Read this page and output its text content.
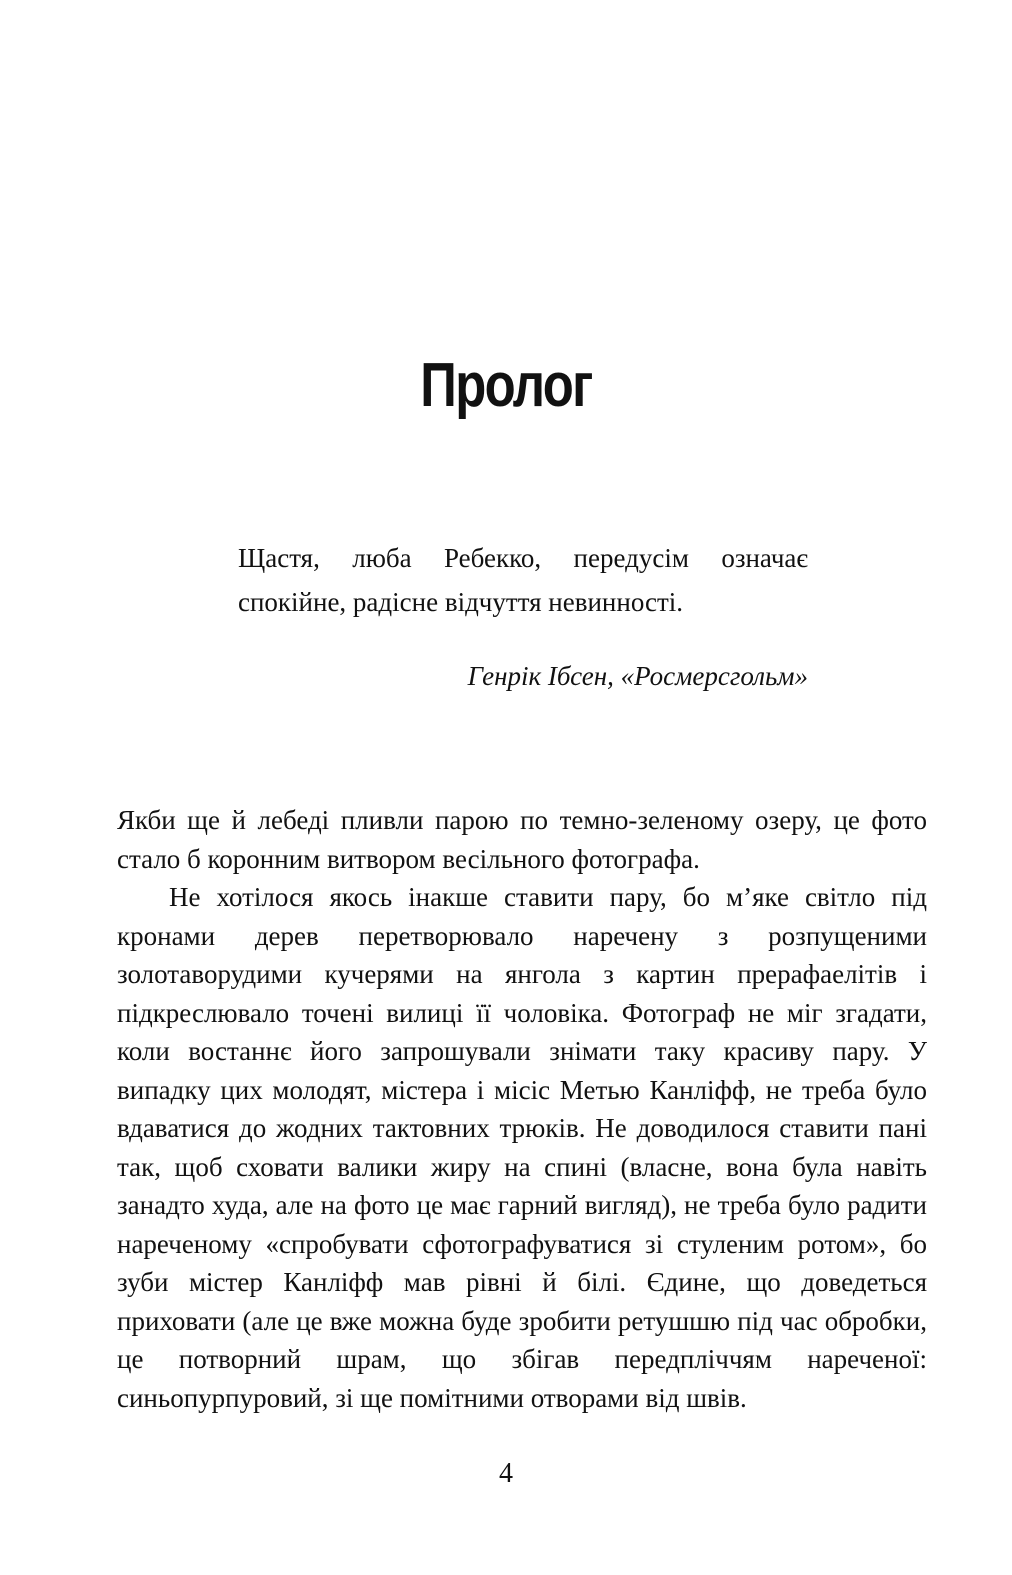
Пролог

Щастя, люба Ребекко, передусім означає спокійне, радісне відчуття невинності.

Генрік Ібсен, «Росмерсгольм»

Якби ще й лебеді пливли парою по темно-зеленому озеру, це фото стало б коронним витвором весільного фотографа.

Не хотілося якось інакше ставити пару, бо м’яке світло під кронами дерев перетворювало наречену з розпущеними золотаворудими кучерями на янгола з картин прерафаелітів і підкреслювало точені вилиці її чоловіка. Фотограф не міг згадати, коли востаннє його запрошували знімати таку красиву пару. У випадку цих молодят, містера і місіс Метью Канліфф, не треба було вдаватися до жодних тактовних трюків. Не доводилося ставити пані так, щоб сховати валики жиру на спині (власне, вона була навіть занадто худа, але на фото це має гарний вигляд), не треба було радити нареченому «спробувати сфотографуватися зі стуленим ротом», бо зуби містер Канліфф мав рівні й білі. Єдине, що доведеться приховати (але це вже можна буде зробити ретушшю під час обробки, це потворний шрам, що збігав передпліччям нареченої: синьопурпуровий, зі ще помітними отворами від швів.

4
